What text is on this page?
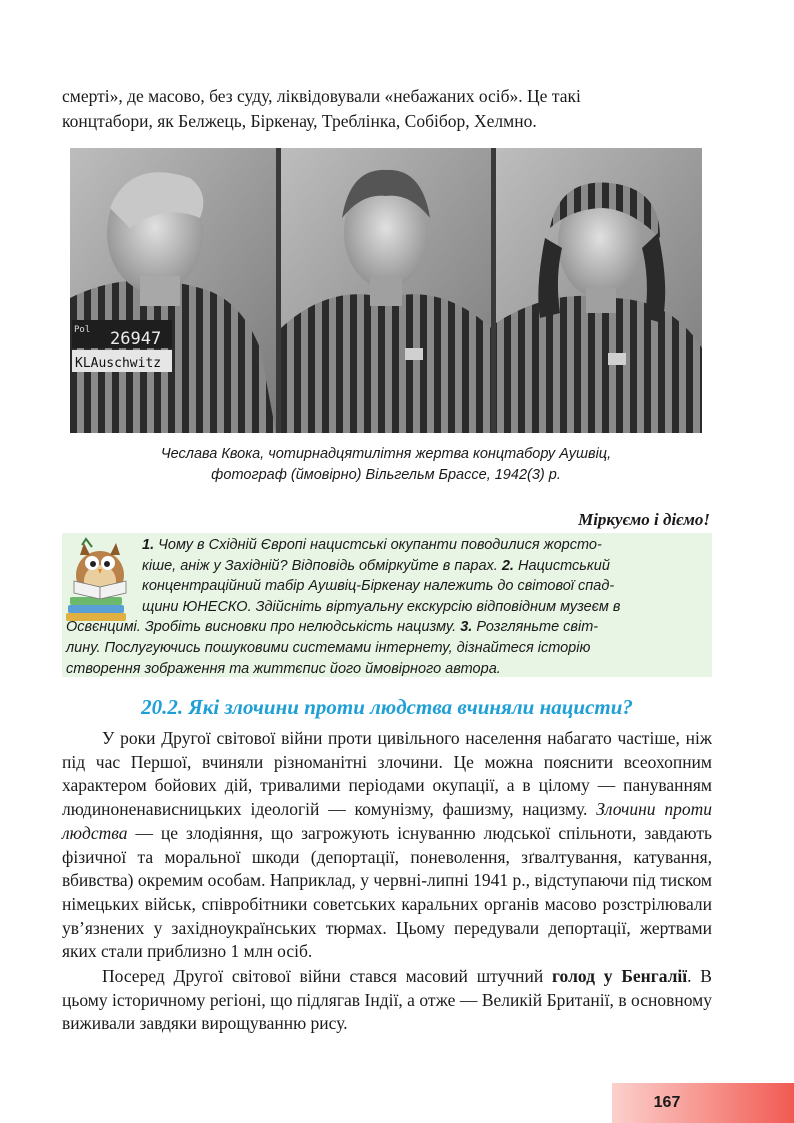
смерті», де масово, без суду, ліквідовували «небажаних осіб». Це такі

концтабори, як Белжець, Біркенау, Треблінка, Собібор, Хелмно.

Pol 26947
KLAuschwitz
Чеслава Квока, чотирнадцятилітня жертва концтабору Аушвіц,
фотограф (ймовірно) Вільгельм Брассе, 1942(3) р.
Міркуємо і діємо!
1. Чому в Східній Європі нацистські окупанти поводилися жорсто-
кіше, аніж у Західній? Відповідь обміркуйте в парах. 2. Нацистський
концентраційний табір Аушвіц-Біркенау належить до світової спад-
щини ЮНЕСКО. Здійсніть віртуальну екскурсію відповідним музеєм в
Освєнцимі. Зробіть висновки про нелюдськість нацизму. 3. Розгляньте світ-
лину. Послугуючись пошуковими системами інтернету, дізнайтеся історію
створення зображення та життєпис його ймовірного автора.
20.2. Які злочини проти людства вчиняли нацисти?

У роки Другої світової війни проти цивільного населення набагато частіше, ніж під час Першої, вчиняли різноманітні злочини. Це можна пояснити всеохопним характером бойових дій, тривалими періодами окупації, а в цілому — пануванням людиноненависницьких ідеологій — комунізму, фашизму, нацизму. Злочини проти людства — це злодіяння, що загрожують існуванню людської спільноти, завдають фізичної та моральної шкоди (депортації, поневолення, зґвалтування, катування, вбивства) окремим особам. Наприклад, у червні-липні 1941 р., відступаючи під тиском німецьких військ, співробітники советських каральних органів масово розстрілювали ув’язнених у західноукраїнських тюрмах. Цьому передували депортації, жертвами яких стали приблизно 1 млн осіб.

Посеред Другої світової війни стався масовий штучний голод у Бенгалії. В цьому історичному регіоні, що підлягав Індії, а отже — Великій Британії, в основному виживали завдяки вирощуванню рису.

167
